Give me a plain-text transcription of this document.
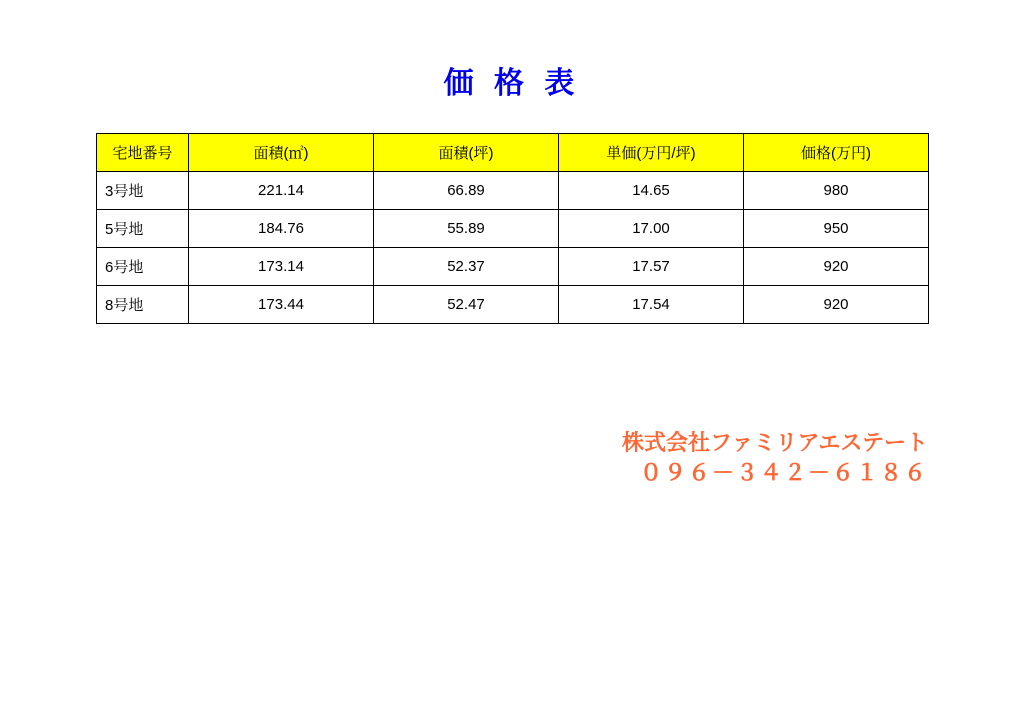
価 格 表
宅地番号	面積(㎡)	面積(坪)	単価(万円/坪)	価格(万円)
3号地	221.14	66.89	14.65	980
5号地	184.76	55.89	17.00	950
6号地	173.14	52.37	17.57	920
8号地	173.44	52.47	17.54	920
株式会社ファミリアエステート
０９６－３４２－６１８６
